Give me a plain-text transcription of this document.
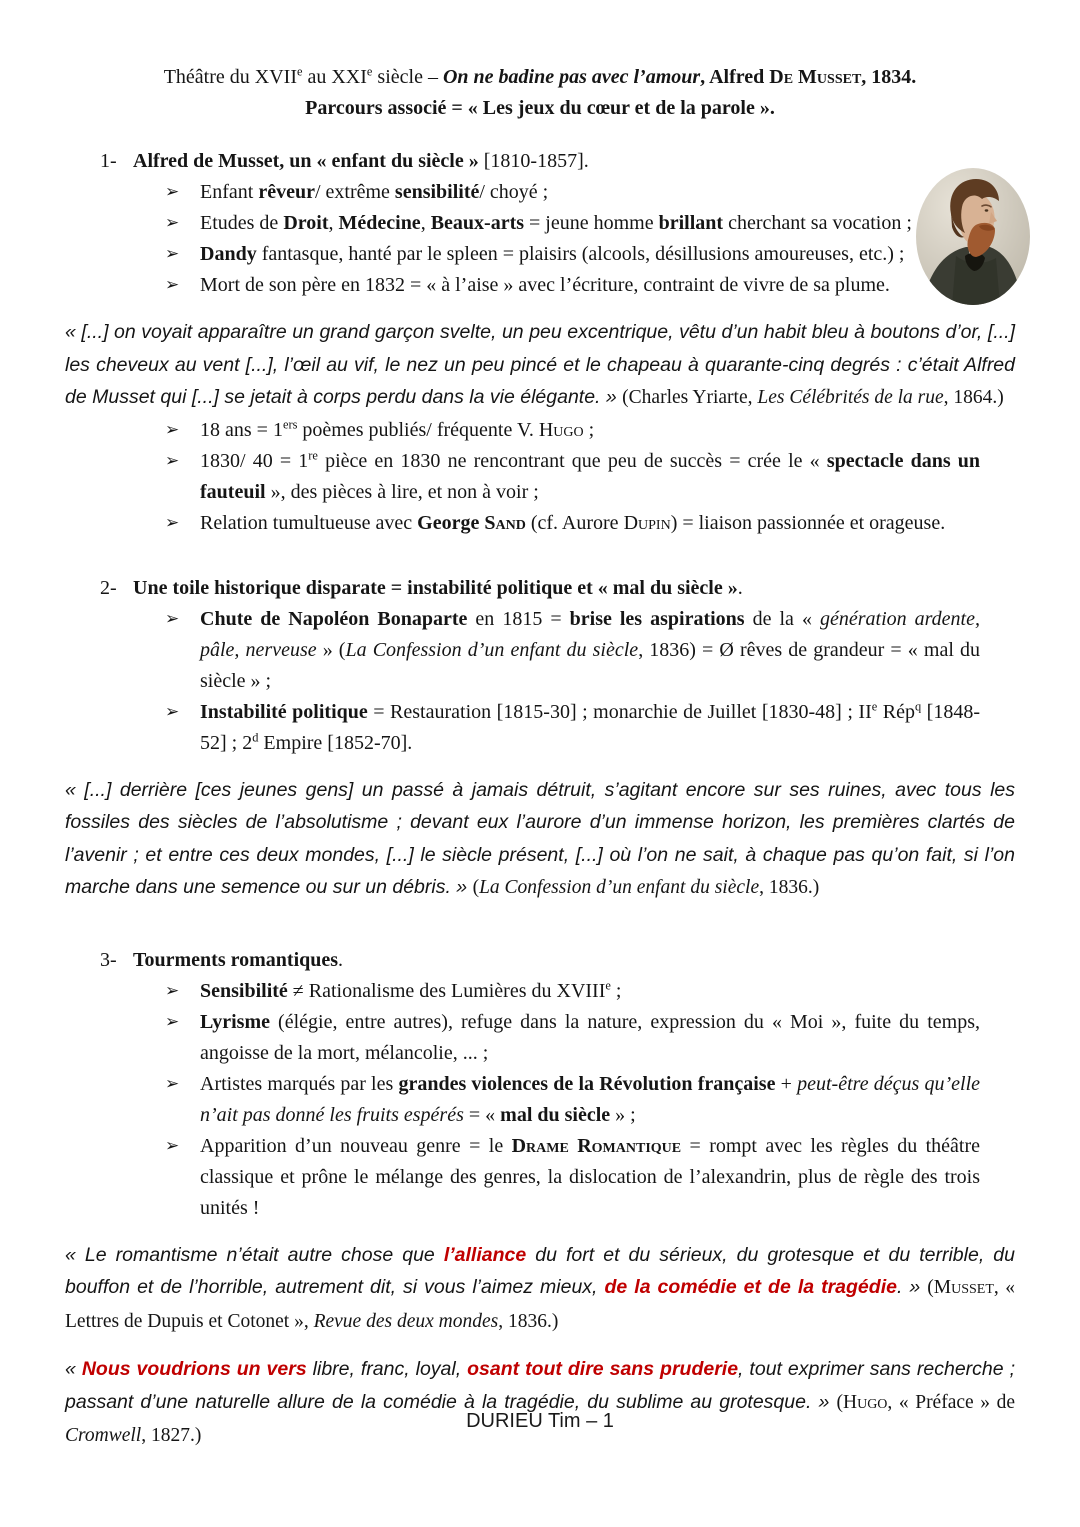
Théâtre du XVIIe au XXIe siècle – On ne badine pas avec l’amour, Alfred De Musset, 1834.
Parcours associé = « Les jeux du cœur et de la parole ».
1- Alfred de Musset, un « enfant du siècle » [1810-1857].
➢ Enfant rêveur/ extrême sensibilité/ choyé ;
➢ Etudes de Droit, Médecine, Beaux-arts = jeune homme brillant cherchant sa vocation ;
➢ Dandy fantasque, hanté par le spleen = plaisirs (alcools, désillusions amoureuses, etc.) ;
➢ Mort de son père en 1832 = « à l’aise » avec l’écriture, contraint de vivre de sa plume.

« [...] on voyait apparaître un grand garçon svelte, un peu excentrique, vêtu d’un habit bleu à boutons d’or, [...] les cheveux au vent [...], l’œil au vif, le nez un peu pincé et le chapeau à quarante-cinq degrés : c’était Alfred de Musset qui [...] se jetait à corps perdu dans la vie élégante. » (Charles Yriarte, Les Célébrités de la rue, 1864.)

➢ 18 ans = 1ers poèmes publiés/ fréquente V. Hugo ;
➢ 1830/ 40 = 1re pièce en 1830 ne rencontrant que peu de succès = crée le « spectacle dans un fauteuil », des pièces à lire, et non à voir ;
➢ Relation tumultueuse avec George Sand (cf. Aurore Dupin) = liaison passionnée et orageuse.
2- Une toile historique disparate = instabilité politique et « mal du siècle ».
➢ Chute de Napoléon Bonaparte en 1815 = brise les aspirations de la « génération ardente, pâle, nerveuse » (La Confession d’un enfant du siècle, 1836) = Ø rêves de grandeur = « mal du siècle » ;
➢ Instabilité politique = Restauration [1815-30] ; monarchie de Juillet [1830-48] ; IIe Rép$^q$ [1848-52] ; 2$^d$ Empire [1852-70].

« [...] derrière [ces jeunes gens] un passé à jamais détruit, s’agitant encore sur ses ruines, avec tous les fossiles des siècles de l’absolutisme ; devant eux l’aurore d’un immense horizon, les premières clartés de l’avenir ; et entre ces deux mondes, [...] le siècle présent, [...] où l’on ne sait, à chaque pas qu’on fait, si l’on marche dans une semence ou sur un débris. » (La Confession d’un enfant du siècle, 1836.)

3- Tourments romantiques.
➢ Sensibilité ≠ Rationalisme des Lumières du XVIIIe ;
➢ Lyrisme (élégie, entre autres), refuge dans la nature, expression du « Moi », fuite du temps, angoisse de la mort, mélancolie, ... ;
➢ Artistes marqués par les grandes violences de la Révolution française + peut-être déçus qu’elle n’ait pas donné les fruits espérés = « mal du siècle » ;
➢ Apparition d’un nouveau genre = le Drame Romantique = rompt avec les règles du théâtre classique et prône le mélange des genres, la dislocation de l’alexandrin, plus de règle des trois unités !

« Le romantisme n’était autre chose que l’alliance du fort et du sérieux, du grotesque et du terrible, du bouffon et de l’horrible, autrement dit, si vous l’aimez mieux, de la comédie et de la tragédie. » (Musset, « Lettres de Dupuis et Cotonet », Revue des deux mondes, 1836.)

« Nous voudrions un vers libre, franc, loyal, osant tout dire sans pruderie, tout exprimer sans recherche ; passant d’une naturelle allure de la comédie à la tragédie, du sublime au grotesque. » (Hugo, « Préface » de Cromwell, 1827.)

DURIEU Tim – 1
